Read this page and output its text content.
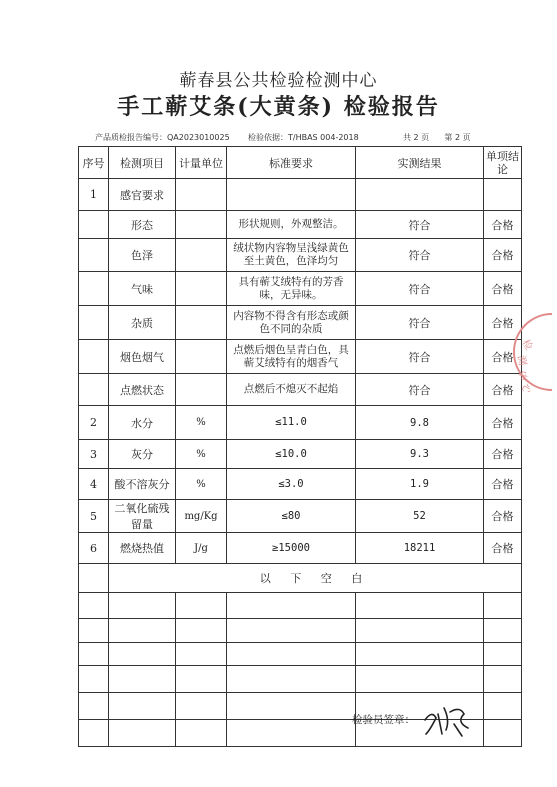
蕲春县公共检验检测中心
手工蕲艾条(大黄条) 检验报告
产品质检报告编号：QA2023010025 检验依据：T/HBAS 004-2018	共 2 页      第 2 页
序号	检测项目	计量单位	标准要求	实测结果	单项结论
1	感官要求				
	形态		形状规则，外观整洁。	符合	合格
	色泽		绒状物内容物呈浅绿黄色至土黄色，色泽均匀	符合	合格
	气味		具有蕲艾绒特有的芳香味，无异味。	符合	合格
	杂质		内容物不得含有形态或颜色不同的杂质	符合	合格
	烟色烟气		点燃后烟色呈青白色，具蕲艾绒特有的烟香气	符合	合格
	点燃状态		点燃后不熄灭不起焰	符合	合格
2	水分	%	≤11.0	9.8	合格
3	灰分	%	≤10.0	9.3	合格
4	酸不溶灰分	%	≤3.0	1.9	合格
5	二氧化硫残留量	mg/Kg	≤80	52	合格
6	燃烧热值	J/g	≥15000	18211	合格
	以 下 空 白				

检
测
中
心
检验员签章：
